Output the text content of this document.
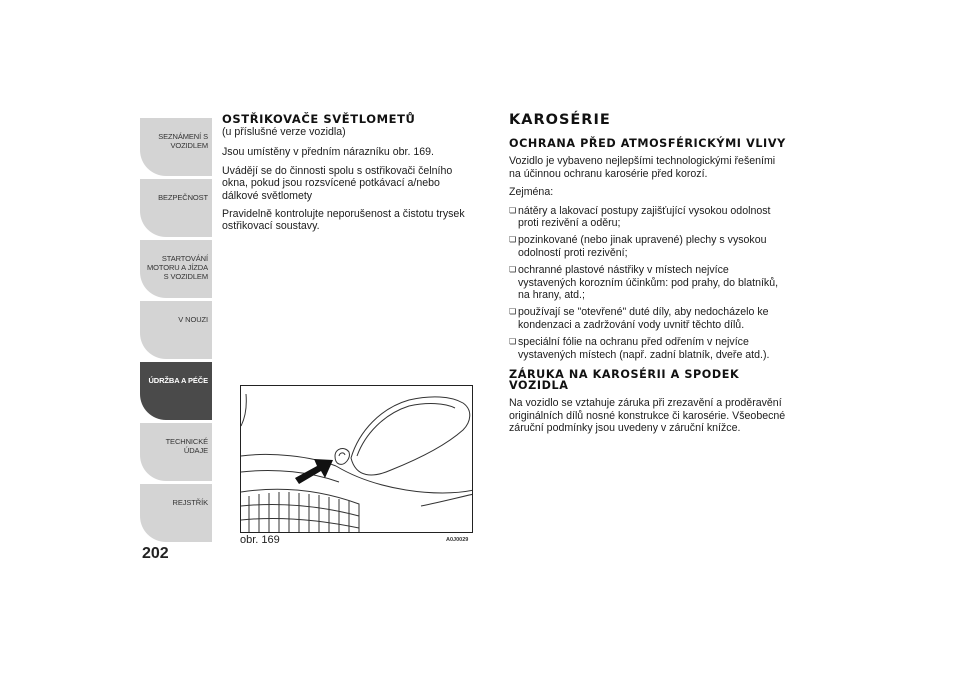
SEZNÁMENÍ S VOZIDLEM
BEZPEČNOST
STARTOVÁNÍ MOTORU A JÍZDA S VOZIDLEM
V NOUZI
ÚDRŽBA A PÉČE
TECHNICKÉ ÚDAJE
REJSTŘÍK
202
OSTŘIKOVAČE SVĚTLOMETŮ

(u příslušné verze vozidla)

Jsou umístěny v předním nárazníku obr. 169.

Uvádějí se do činnosti spolu s ostřikovači čelního okna, pokud jsou rozsvícené potkávací a/nebo dálkové světlomety

Pravidelně kontrolujte neporušenost a čistotu trysek ostřikovací soustavy.

obr. 169	A0J0029
KAROSÉRIE
OCHRANA PŘED ATMOSFÉRICKÝMI VLIVY

Vozidlo je vybaveno nejlepšími technologickými řešeními na účinnou ochranu karosérie před korozí.

Zejména:

❏ nátěry a lakovací postupy zajišťující vysokou odolnost proti rezivění a oděru;
❏ pozinkované (nebo jinak upravené) plechy s vysokou odolností proti rezivění;
❏ ochranné plastové nástřiky v místech nejvíce vystavených korozním účinkům: pod prahy, do blatníků, na hrany, atd.;
❏ používají se "otevřené" duté díly, aby nedocházelo ke kondenzaci a zadržování vody uvnitř těchto dílů.
❏ speciální fólie na ochranu před odřením v nejvíce vystavených místech (např. zadní blatník, dveře atd.).
ZÁRUKA NA KAROSÉRII A SPODEK VOZIDLA

Na vozidlo se vztahuje záruka při zrezavění a proděravění originálních dílů nosné konstrukce či karosérie. Všeobecné záruční podmínky jsou uvedeny v záruční knížce.
